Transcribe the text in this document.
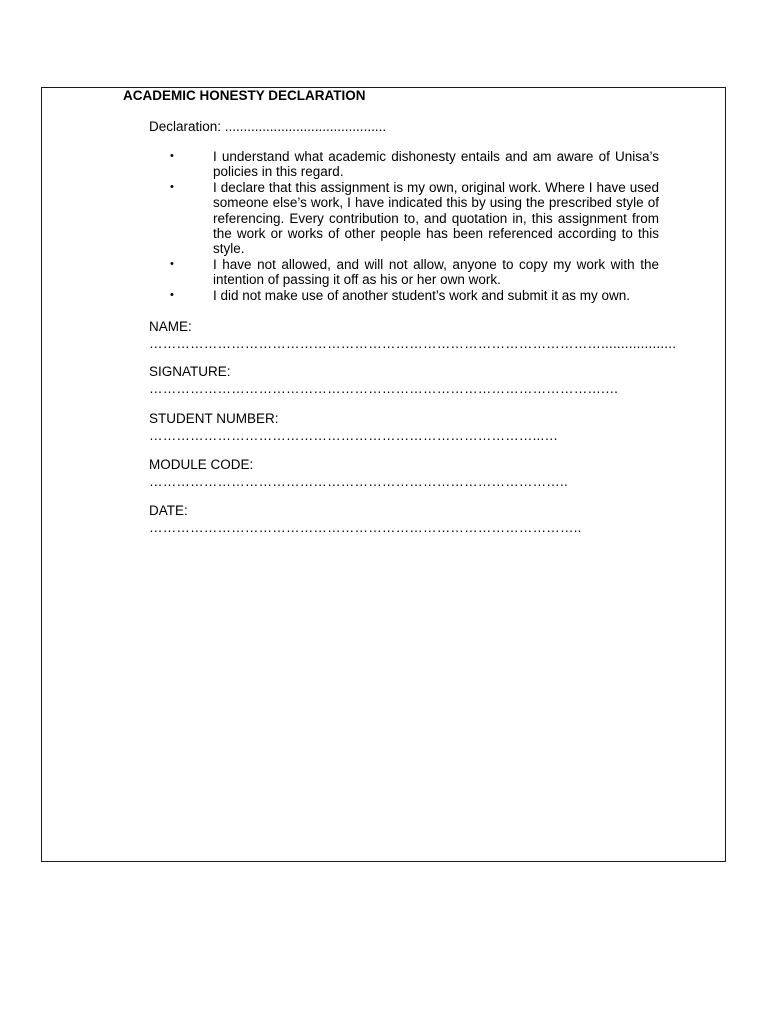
ACADEMIC HONESTY DECLARATION
Declaration: ...........................................
•	I understand what academic dishonesty entails and am aware of Unisa’s policies in this regard.
•	I declare that this assignment is my own, original work. Where I have used someone else’s work, I have indicated this by using the prescribed style of referencing. Every contribution to, and quotation in, this assignment from the work or works of other people has been referenced according to this style.
•	I have not allowed, and will not allow, anyone to copy my work with the intention of passing it off as his or her own work.
•	I did not make use of another student’s work and submit it as my own.
NAME:
………………………………………………………………………………………...................
SIGNATURE:
……………………………………………………………………………………….…
STUDENT NUMBER:
…………………………………………………………………………...…
MODULE CODE:
………………………………………………………………………………..
DATE:
…………………………………………………………………………………..
